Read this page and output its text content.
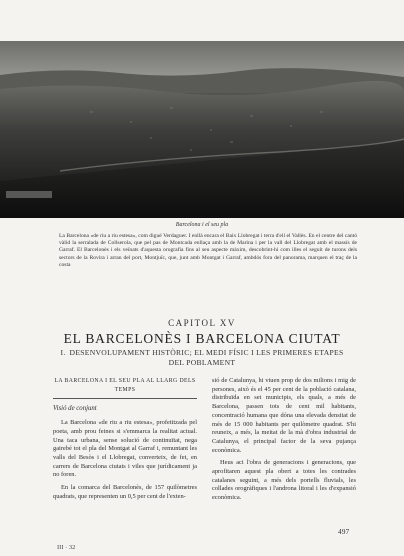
Barcelona i el seu pla
La Barcelona «de riu a riu estesa», com digué Verdaguer. I enllà encara el Baix Llobregat i terra d'ell el Vallès. En el centre del cantó vàlid la serralada de Collserola, que pel pas de Montcada enllaça amb la de Marina i per la vall del Llobregat amb el massís de Garraf. El Barcelonès i els veïnats d'aquesta orografia fins al seu aspecte màxim, descobrint-hi com illes el seguit de turons dels sectors de la Rovira i arran del port, Montjuïc, que, junt amb Montgat i Garraf, ambdós fora del panorama, marquen el traç de la costa
CAPITOL XV
EL BARCELONÈS I BARCELONA CIUTAT
I. DESENVOLUPAMENT HISTÒRIC; EL MEDI FÍSIC I LES PRIMERES ETAPES
DEL POBLAMENT
LA BARCELONA I EL SEU PLA AL LLARG DELS TEMPS
Visió de conjunt

La Barcelona «de riu a riu estesa», profetitzada pel poeta, amb prou feines si s'emmarca la realitat actual. Una taca urbana, sense solució de continuïtat, nega gairebé tot el pla del Montgat al Garraf i, remuntant les valls del Besòs i el Llobregat, converteix, de fet, en carrers de Barcelona ciutats i viles que jurídicament ja no foren.

En la comarca del Barcelonès, de 157 quilòmetres quadrats, que representen un 0,5 per cent de l'exten-

sió de Catalunya, hi viuen prop de dos milions i mig de persones, això és el 45 per cent de la població catalana, distribuïda en set municipis, els quals, a més de Barcelona, passen tots de cent mil habitants, concentració humana que dóna una elevada densitat de més de 15 000 habitants per quilòmetre quadrat. S'hi reuneix, a més, la meitat de la mà d'obra industrial de Catalunya, el principal factor de la seva pujança econòmica.

Heus aci l'obra de generacions i generacions, que aprofitaren aquest pla obert a totes les contrades catalanes seguint, a més dels portells fluvials, les collades orogràfiques i l'androna litoral i les d'expansió econòmica.

497
III · 32
